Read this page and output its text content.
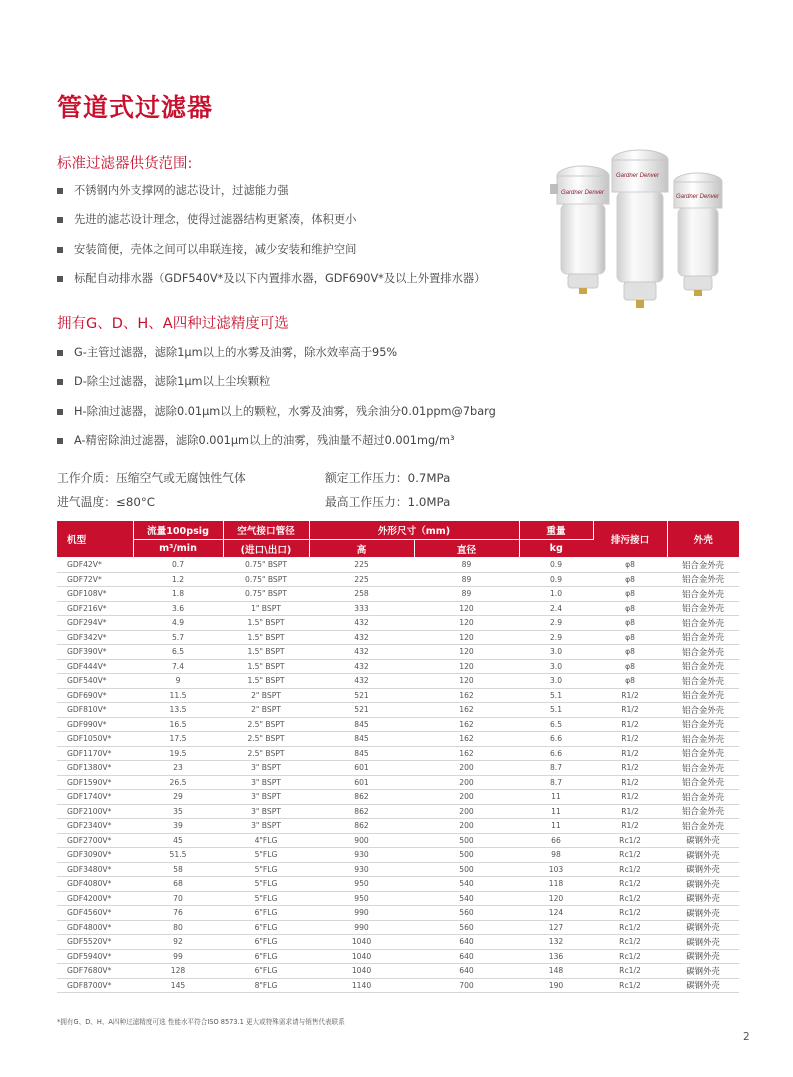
管道式过滤器
标准过滤器供货范围:
不锈钢内外支撑网的滤芯设计，过滤能力强
先进的滤芯设计理念，使得过滤器结构更紧凑，体积更小
安装简便，壳体之间可以串联连接，减少安装和维护空间
标配自动排水器（GDF540V*及以下内置排水器，GDF690V*及以上外置排水器）
Gardner Denver
Gardner Denver
Gardner Denver
拥有G、D、H、A四种过滤精度可选
G-主管过滤器，滤除1μm以上的水雾及油雾，除水效率高于95%
D-除尘过滤器，滤除1μm以上尘埃颗粒
H-除油过滤器，滤除0.01μm以上的颗粒，水雾及油雾，残余油分0.01ppm@7barg
A-精密除油过滤器，滤除0.001μm以上的油雾，残油量不超过0.001mg/m³
工作介质：压缩空气或无腐蚀性气体	额定工作压力：0.7MPa
进气温度：≤80°C	最高工作压力：1.0MPa
机型	流量100psig	空气接口管径	外形尺寸（mm)		重量	排污接口	外壳
	m³/min	(进口\出口)	高	直径	kg		
GDF42V*	0.7	0.75" BSPT	225	89	0.9	φ8	铝合金外壳
GDF72V*	1.2	0.75" BSPT	225	89	0.9	φ8	铝合金外壳
GDF108V*	1.8	0.75" BSPT	258	89	1.0	φ8	铝合金外壳
GDF216V*	3.6	1" BSPT	333	120	2.4	φ8	铝合金外壳
GDF294V*	4.9	1.5" BSPT	432	120	2.9	φ8	铝合金外壳
GDF342V*	5.7	1.5" BSPT	432	120	2.9	φ8	铝合金外壳
GDF390V*	6.5	1.5" BSPT	432	120	3.0	φ8	铝合金外壳
GDF444V*	7.4	1.5" BSPT	432	120	3.0	φ8	铝合金外壳
GDF540V*	9	1.5" BSPT	432	120	3.0	φ8	铝合金外壳
GDF690V*	11.5	2" BSPT	521	162	5.1	R1/2	铝合金外壳
GDF810V*	13.5	2" BSPT	521	162	5.1	R1/2	铝合金外壳
GDF990V*	16.5	2.5" BSPT	845	162	6.5	R1/2	铝合金外壳
GDF1050V*	17.5	2.5" BSPT	845	162	6.6	R1/2	铝合金外壳
GDF1170V*	19.5	2.5" BSPT	845	162	6.6	R1/2	铝合金外壳
GDF1380V*	23	3" BSPT	601	200	8.7	R1/2	铝合金外壳
GDF1590V*	26.5	3" BSPT	601	200	8.7	R1/2	铝合金外壳
GDF1740V*	29	3" BSPT	862	200	11	R1/2	铝合金外壳
GDF2100V*	35	3" BSPT	862	200	11	R1/2	铝合金外壳
GDF2340V*	39	3" BSPT	862	200	11	R1/2	铝合金外壳
GDF2700V*	45	4"FLG	900	500	66	Rc1/2	碳钢外壳
GDF3090V*	51.5	5"FLG	930	500	98	Rc1/2	碳钢外壳
GDF3480V*	58	5"FLG	930	500	103	Rc1/2	碳钢外壳
GDF4080V*	68	5"FLG	950	540	118	Rc1/2	碳钢外壳
GDF4200V*	70	5"FLG	950	540	120	Rc1/2	碳钢外壳
GDF4560V*	76	6"FLG	990	560	124	Rc1/2	碳钢外壳
GDF4800V*	80	6"FLG	990	560	127	Rc1/2	碳钢外壳
GDF5520V*	92	6"FLG	1040	640	132	Rc1/2	碳钢外壳
GDF5940V*	99	6"FLG	1040	640	136	Rc1/2	碳钢外壳
GDF7680V*	128	6"FLG	1040	640	148	Rc1/2	碳钢外壳
GDF8700V*	145	8"FLG	1140	700	190	Rc1/2	碳钢外壳
*拥有G、D、H、A四种过滤精度可选 性能水平符合ISO 8573.1 更大或特殊需求请与销售代表联系
2
